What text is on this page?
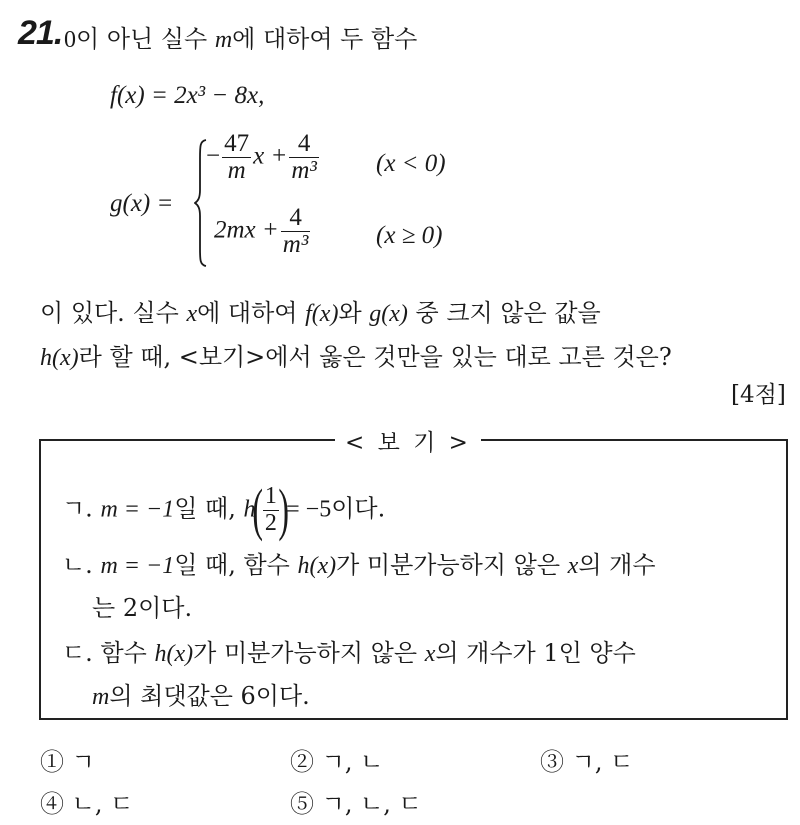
21. 0이 아닌 실수 m에 대하여 두 함수
f(x) = 2x³ − 8x,
g(x) =
− $\frac{47}{m}$ $x + \frac{4}{\text{m³}} (x < 0)$
$2mx + \frac{4}{\text{m³}}$	(x ≥ 0)
이 있다. 실수 x에 대하여 f(x)와 g(x) 중 크지 않은 값을
h(x)라 할 때, <보기>에서 옳은 것만을 있는 대로 고른 것은?
[4점]
< 보 기 >
ㄱ. m = −1일 때, $h( \frac{1}{2}$ )= −5이다.
ㄴ. m = −1일 때, 함수 h(x)가 미분가능하지 않은 x의 개수
는 2이다.
ㄷ. 함수 h(x)가 미분가능하지 않은 x의 개수가 1인 양수
m의 최댓값은 6이다.
① ㄱ	② ㄱ, ㄴ	③ ㄱ, ㄷ
④ ㄴ, ㄷ	⑤ ㄱ, ㄴ, ㄷ
